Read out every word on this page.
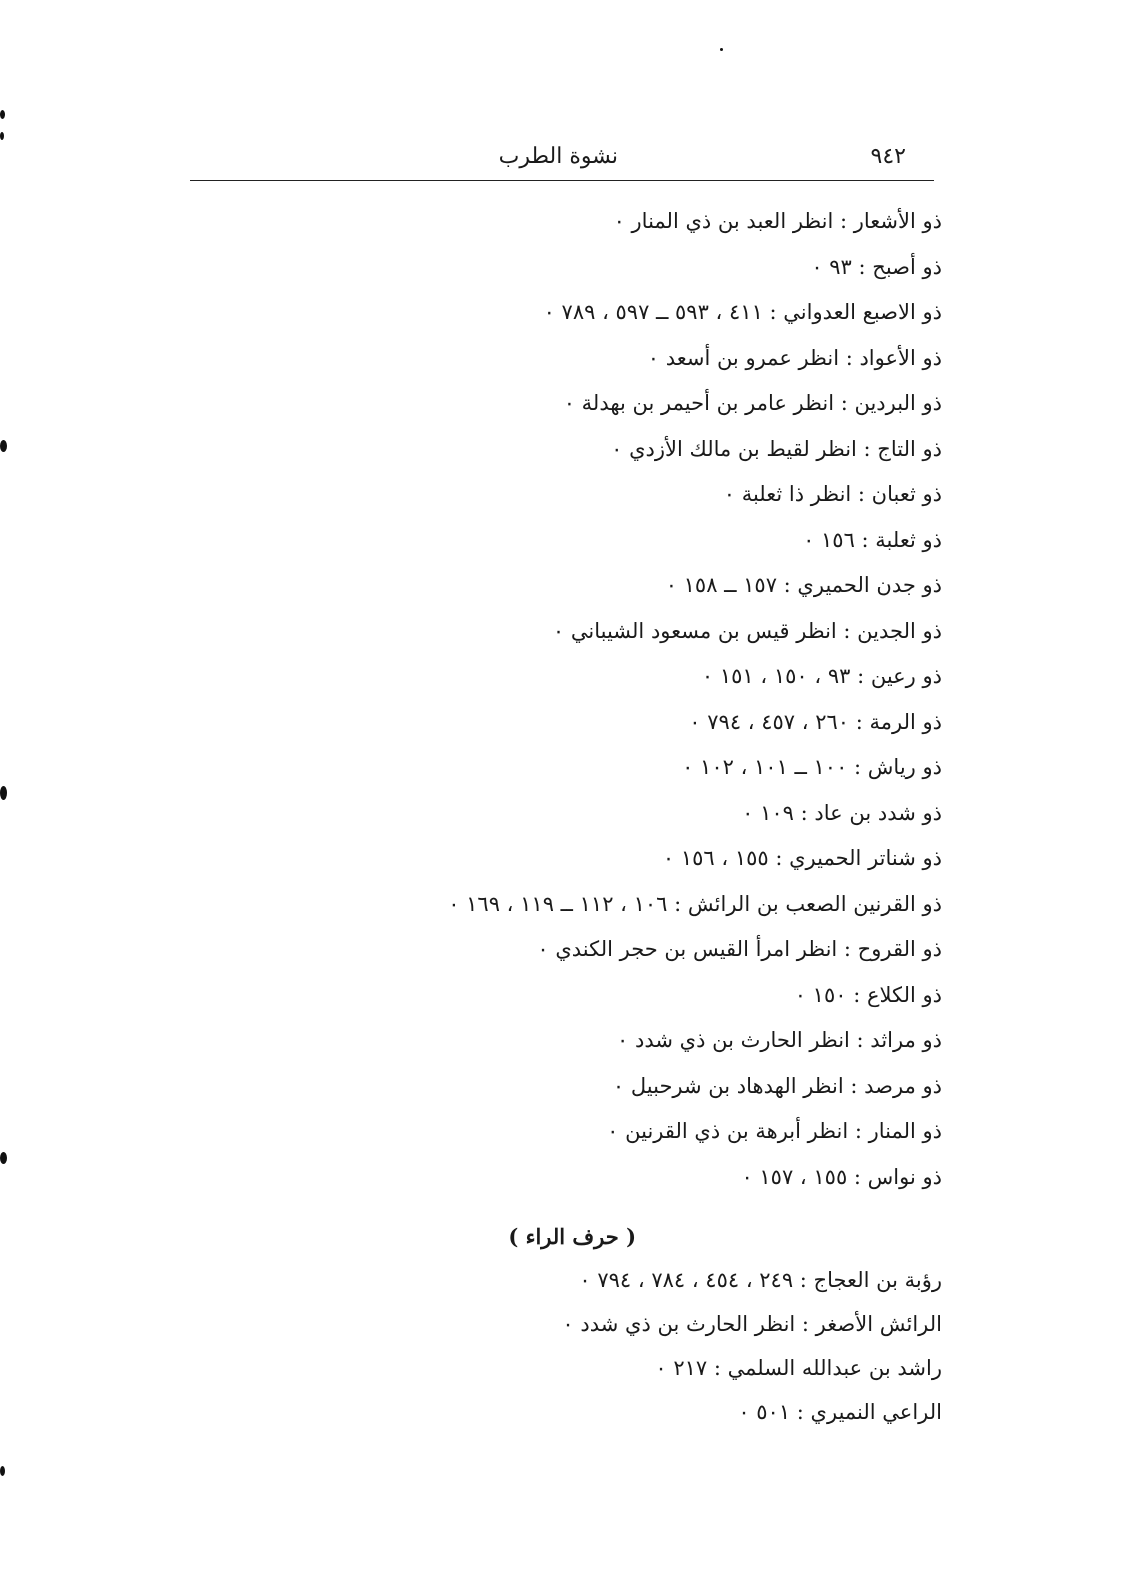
٩٤٢
نشوة الطرب
ذو الأشعار : انظر العبد بن ذي المنار ٠
ذو أصبح : ٩٣ ٠
ذو الاصبع العدواني : ٤١١ ، ٥٩٣ ــ ٥٩٧ ، ٧٨٩ ٠
ذو الأعواد : انظر عمرو بن أسعد ٠
ذو البردين : انظر عامر بن أحيمر بن بهدلة ٠
ذو التاج : انظر لقيط بن مالك الأزدي ٠
ذو ثعبان : انظر ذا ثعلبة ٠
ذو ثعلبة : ١٥٦ ٠
ذو جدن الحميري : ١٥٧ ــ ١٥٨ ٠
ذو الجدين : انظر قيس بن مسعود الشيباني ٠
ذو رعين : ٩٣ ، ١٥٠ ، ١٥١ ٠
ذو الرمة : ٢٦٠ ، ٤٥٧ ، ٧٩٤ ٠
ذو رياش : ١٠٠ ــ ١٠١ ، ١٠٢ ٠
ذو شدد بن عاد : ١٠٩ ٠
ذو شناتر الحميري : ١٥٥ ، ١٥٦ ٠
ذو القرنين الصعب بن الرائش : ١٠٦ ، ١١٢ ــ ١١٩ ، ١٦٩ ٠
ذو القروح : انظر امرأ القيس بن حجر الكندي ٠
ذو الكلاع : ١٥٠ ٠
ذو مراثد : انظر الحارث بن ذي شدد ٠
ذو مرصد : انظر الهدهاد بن شرحبيل ٠
ذو المنار : انظر أبرهة بن ذي القرنين ٠
ذو نواس : ١٥٥ ، ١٥٧ ٠
( حرف الراء )
رؤبة بن العجاج : ٢٤٩ ، ٤٥٤ ، ٧٨٤ ، ٧٩٤ ٠
الرائش الأصغر : انظر الحارث بن ذي شدد ٠
راشد بن عبدالله السلمي : ٢١٧ ٠
الراعي النميري : ٥٠١ ٠
